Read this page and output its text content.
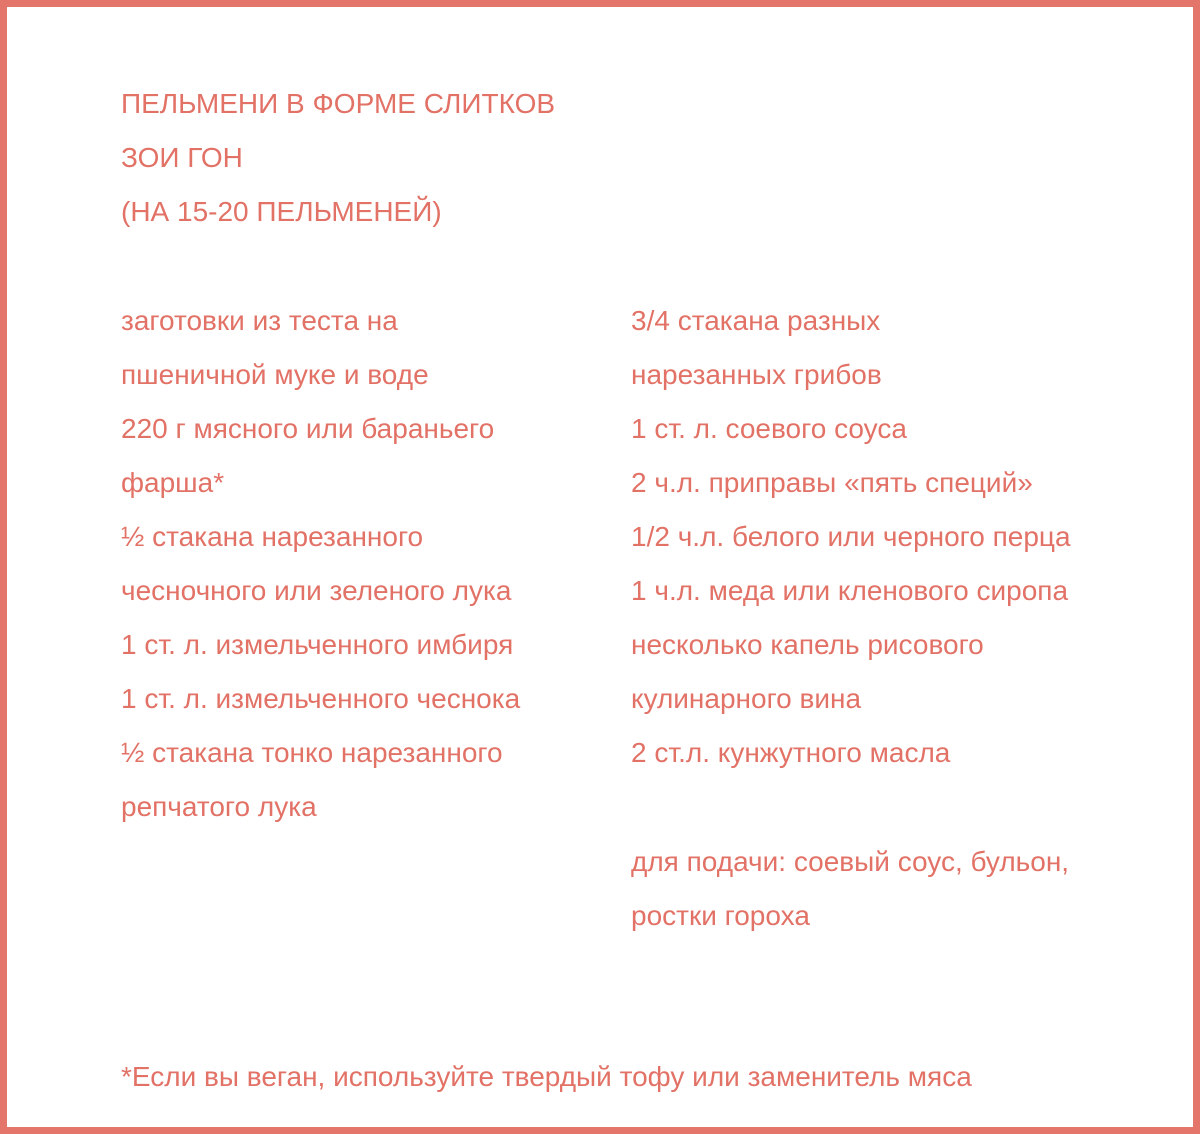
ПЕЛЬМЕНИ В ФОРМЕ СЛИТКОВ
ЗОИ ГОН
(НА 15-20 ПЕЛЬМЕНЕЙ)
заготовки из теста на
пшеничной муке и воде
220 г мясного или бараньего
фарша*
½ стакана нарезанного
чесночного или зеленого лука
1 ст. л. измельченного имбиря
1 ст. л. измельченного чеснока
½ стакана тонко нарезанного
репчатого лука
3/4 стакана разных
нарезанных грибов
1 ст. л. соевого соуса
2 ч.л. приправы «пять специй»
1/2 ч.л. белого или черного перца
1 ч.л. меда или кленового сиропа
несколько капель рисового
кулинарного вина
2 ст.л. кунжутного масла
для подачи: соевый соус, бульон,
ростки гороха
*Если вы веган, используйте твердый тофу или заменитель мяса
